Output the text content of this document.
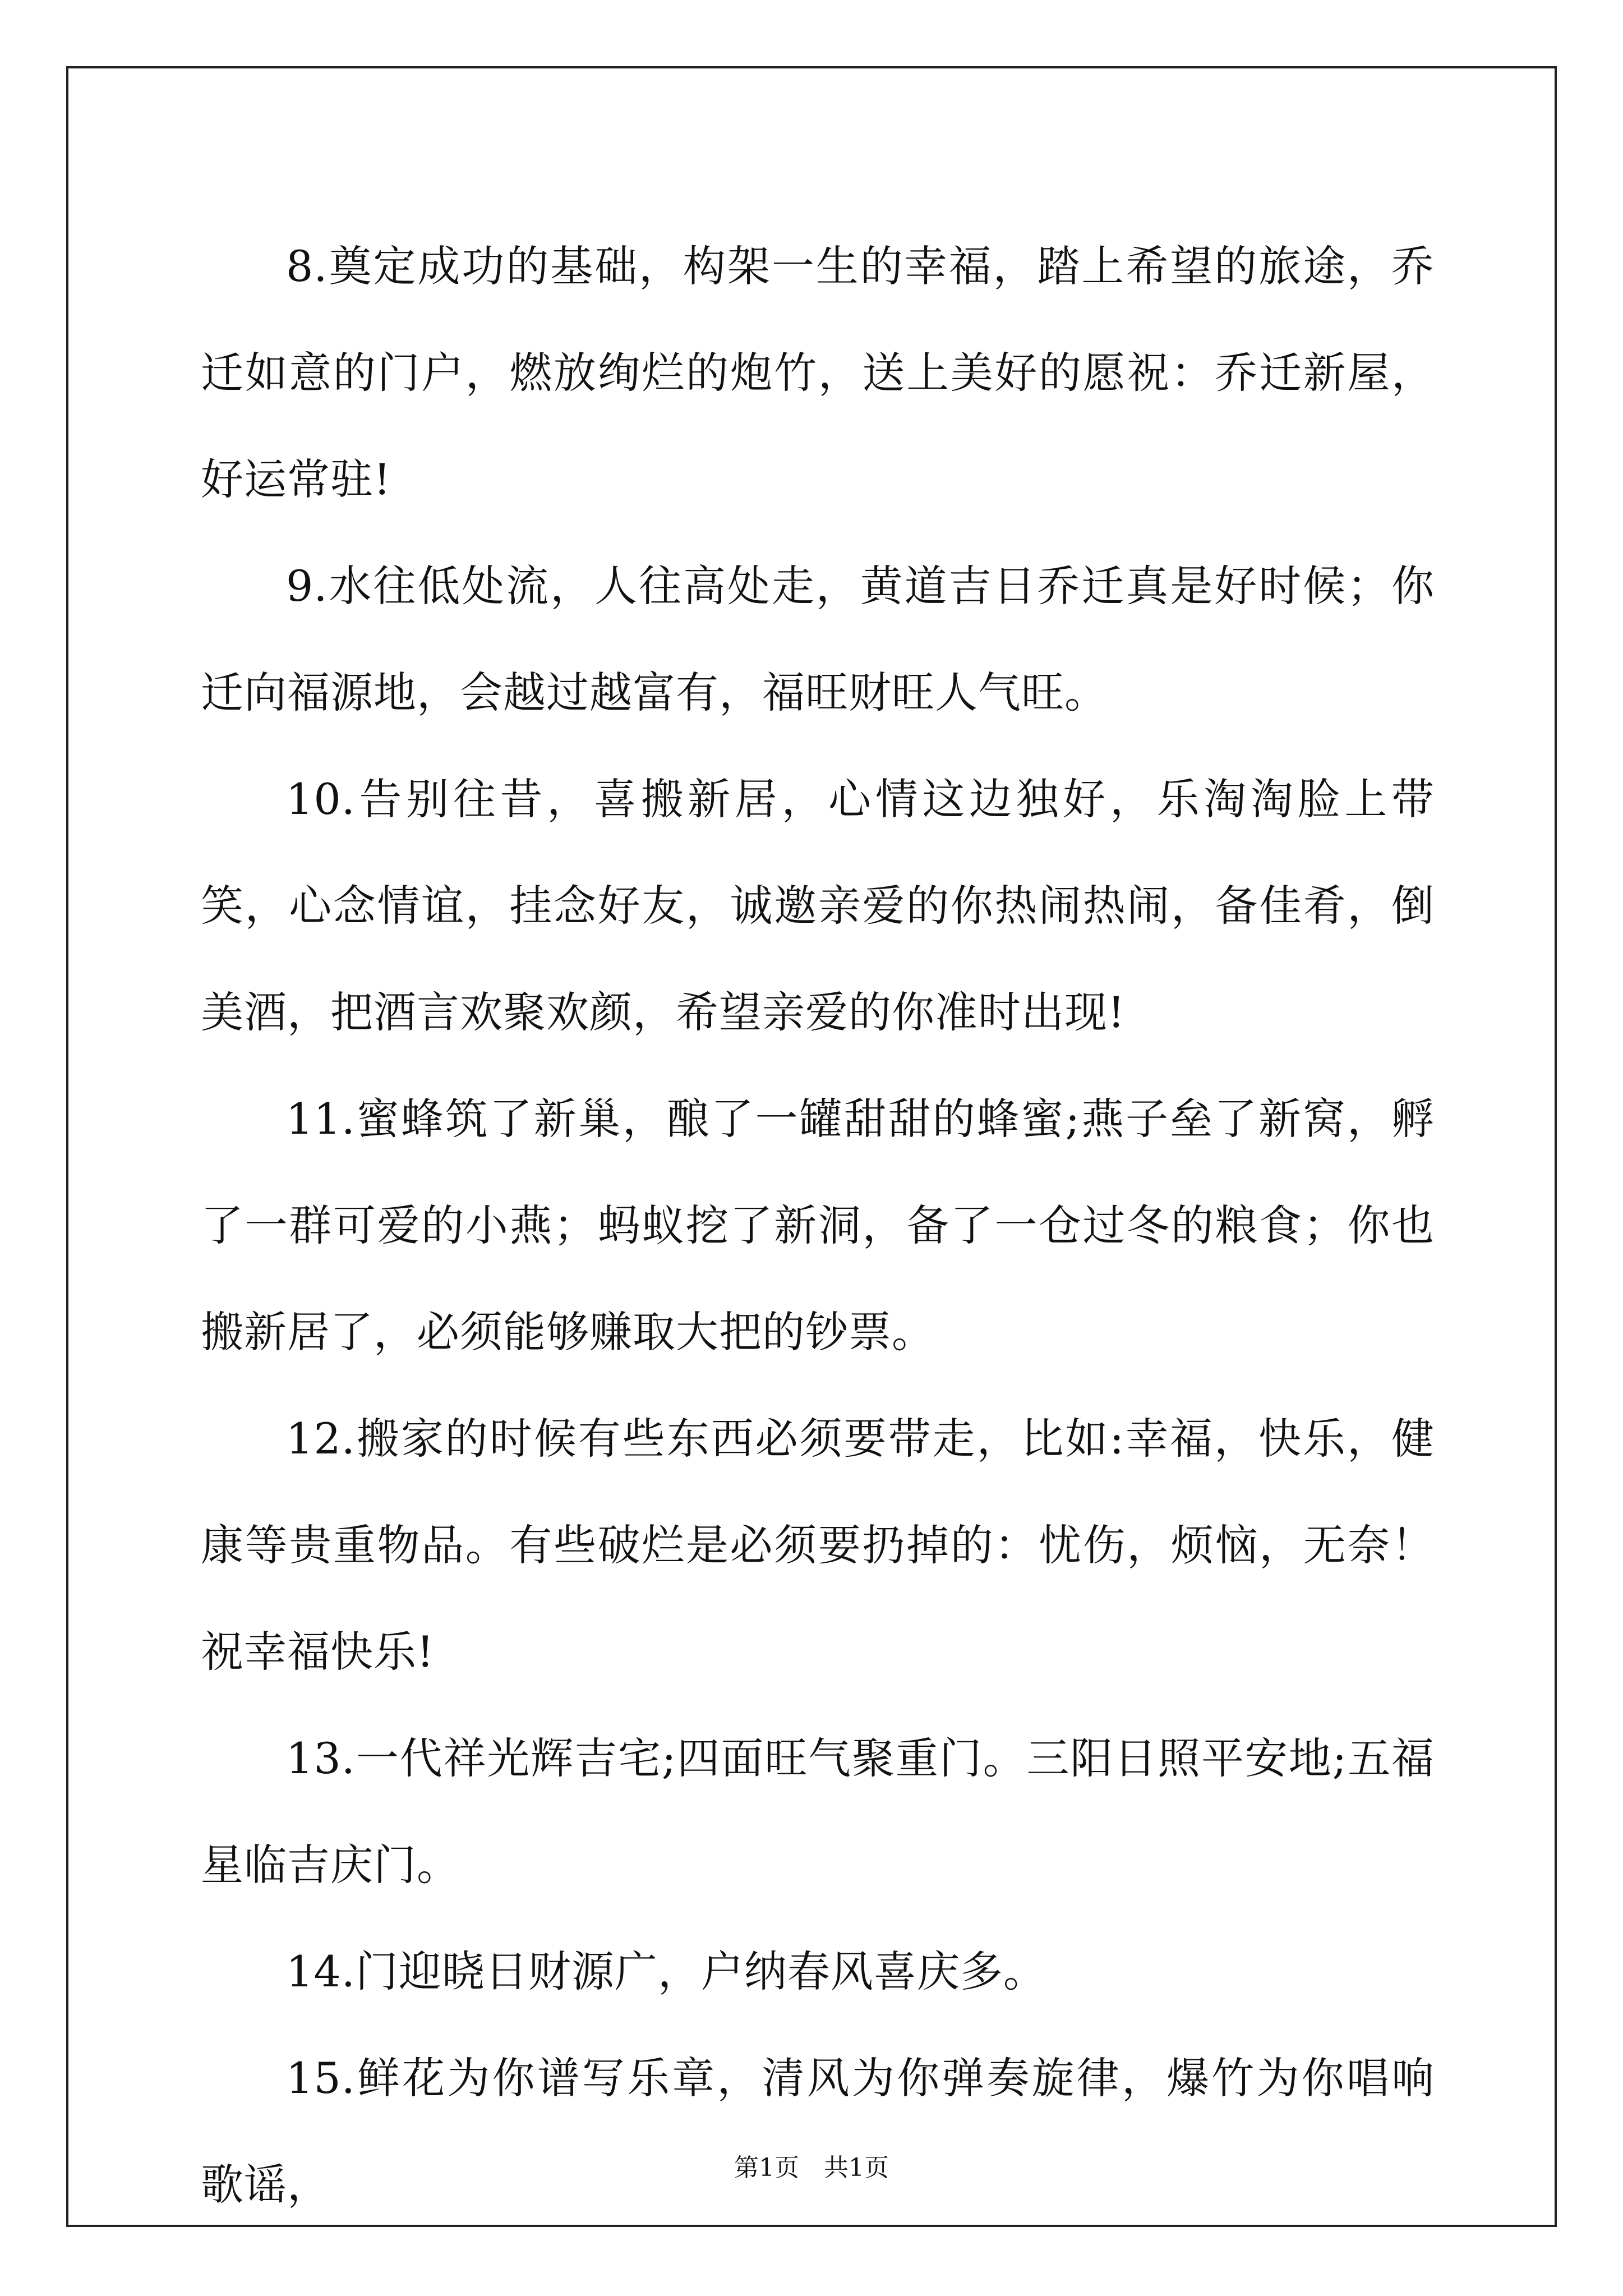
8.奠定成功的基础，构架一生的幸福，踏上希望的旅途，乔迁如意的门户，燃放绚烂的炮竹，送上美好的愿祝：乔迁新屋，好运常驻!

9.水往低处流，人往高处走，黄道吉日乔迁真是好时候；你迁向福源地，会越过越富有，福旺财旺人气旺。

10.告别往昔，喜搬新居，心情这边独好，乐淘淘脸上带笑，心念情谊，挂念好友，诚邀亲爱的你热闹热闹，备佳肴，倒美酒，把酒言欢聚欢颜，希望亲爱的你准时出现!

11.蜜蜂筑了新巢，酿了一罐甜甜的蜂蜜;燕子垒了新窝，孵了一群可爱的小燕；蚂蚁挖了新洞，备了一仓过冬的粮食；你也搬新居了，必须能够赚取大把的钞票。

12.搬家的时候有些东西必须要带走，比如:幸福，快乐，健康等贵重物品。有些破烂是必须要扔掉的：忧伤，烦恼，无奈！祝幸福快乐!

13.一代祥光辉吉宅;四面旺气聚重门。三阳日照平安地;五福星临吉庆门。

14.门迎晓日财源广，户纳春风喜庆多。

15.鲜花为你谱写乐章，清风为你弹奏旋律，爆竹为你唱响歌谣，	第1页　共1页
